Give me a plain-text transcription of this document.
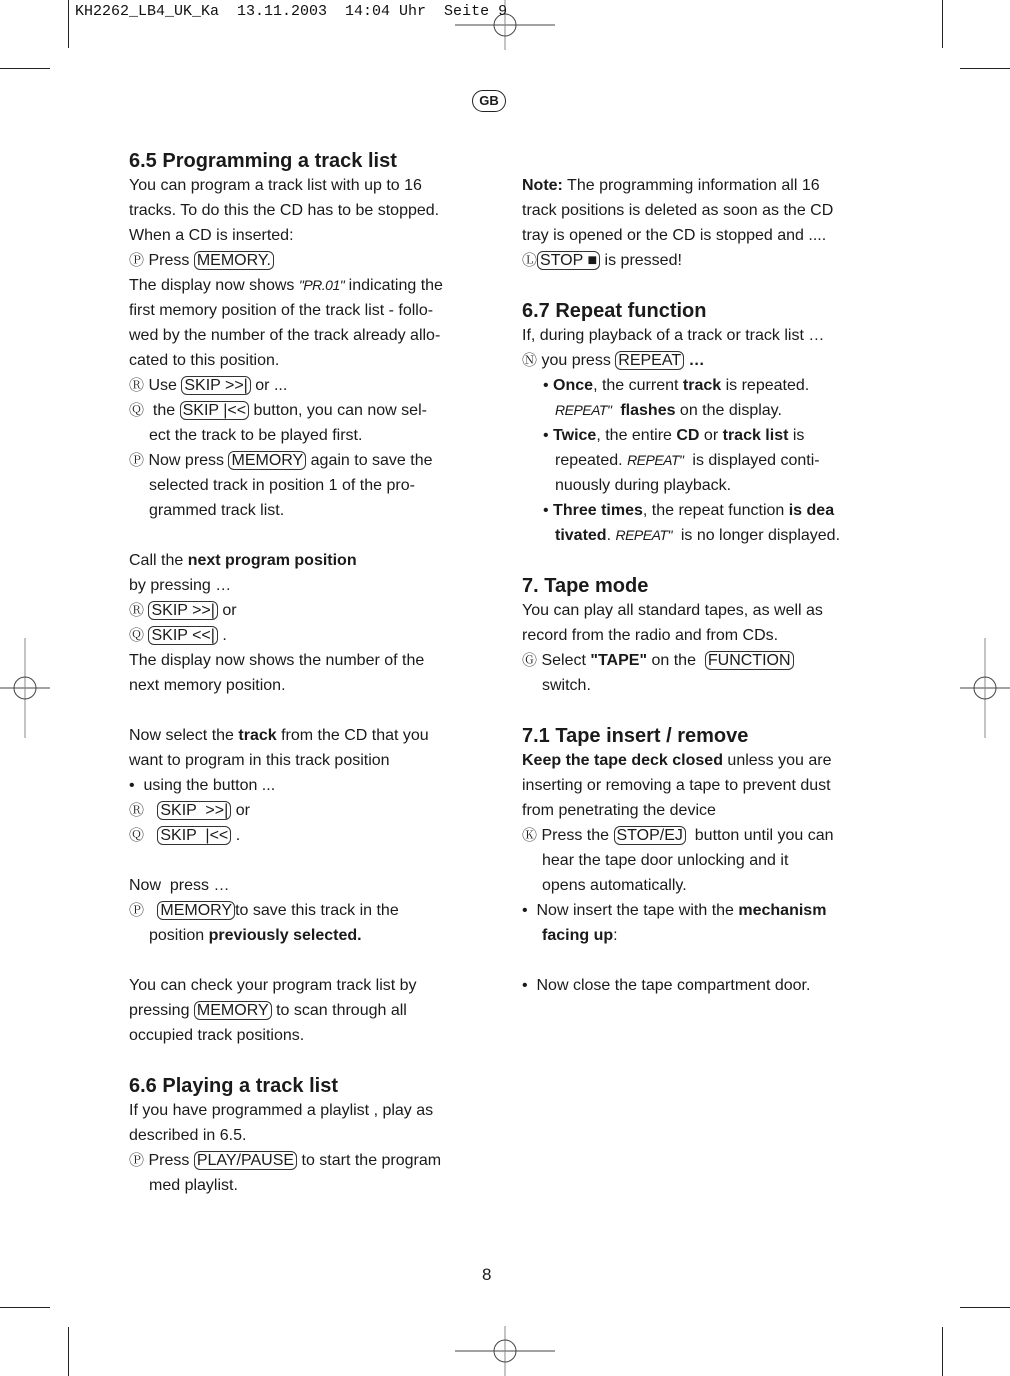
KH2262_LB4_UK_Ka  13.11.2003  14:04 Uhr  Seite 9
GB
6.5 Programming a track list
You can program a track list with up to 16
tracks. To do this the CD has to be stopped.
When a CD is inserted:
Ⓟ Press MEMORY.
The display now shows "PR.01" indicating the
first memory position of the track list - follo-
wed by the number of the track already allo-
cated to this position.
Ⓡ Use SKIP >>| or ...
Ⓠ  the SKIP |<< button, you can now sel-
ect the track to be played first.
Ⓟ Now press MEMORY again to save the
selected track in position 1 of the pro-
grammed track list.
Call the next program position
by pressing …
Ⓡ SKIP >>| or
Ⓠ SKIP <<| .
The display now shows the number of the
next memory position.
Now select the track from the CD that you
want to program in this track position
•  using the button ...
Ⓡ SKIP  >>| or
Ⓠ SKIP  |<< .
Now  press …
Ⓟ MEMORY to save this track in the
position previously selected.
You can check your program track list by
pressing MEMORY to scan through all
occupied track positions.
6.6 Playing a track list
If you have programmed a playlist , play as
described in 6.5.
Ⓟ Press PLAY/PAUSE to start the program
med playlist.
Note: The programming information all 16
track positions is deleted as soon as the CD
tray is opened or the CD is stopped and ....
Ⓛ STOP ■ is pressed!
6.7 Repeat function
If, during playback of a track or track list …
Ⓝ you press REPEAT …
• Once, the current track is repeated.
REPEAT" flashes on the display.
• Twice, the entire CD or track list is
repeated. REPEAT"  is displayed conti-
nuously during playback.
• Three times, the repeat function is dea
tivated. REPEAT"  is no longer displayed.
7. Tape mode
You can play all standard tapes, as well as
record from the radio and from CDs.
Ⓖ Select "TAPE" on the  FUNCTION
switch.
7.1 Tape insert / remove
Keep the tape deck closed unless you are
inserting or removing a tape to prevent dust
from penetrating the device
Ⓚ Press the STOP/EJ  button until you can
hear the tape door unlocking and it
opens automatically.
•  Now insert the tape with the mechanism
facing up:
•  Now close the tape compartment door.
8
